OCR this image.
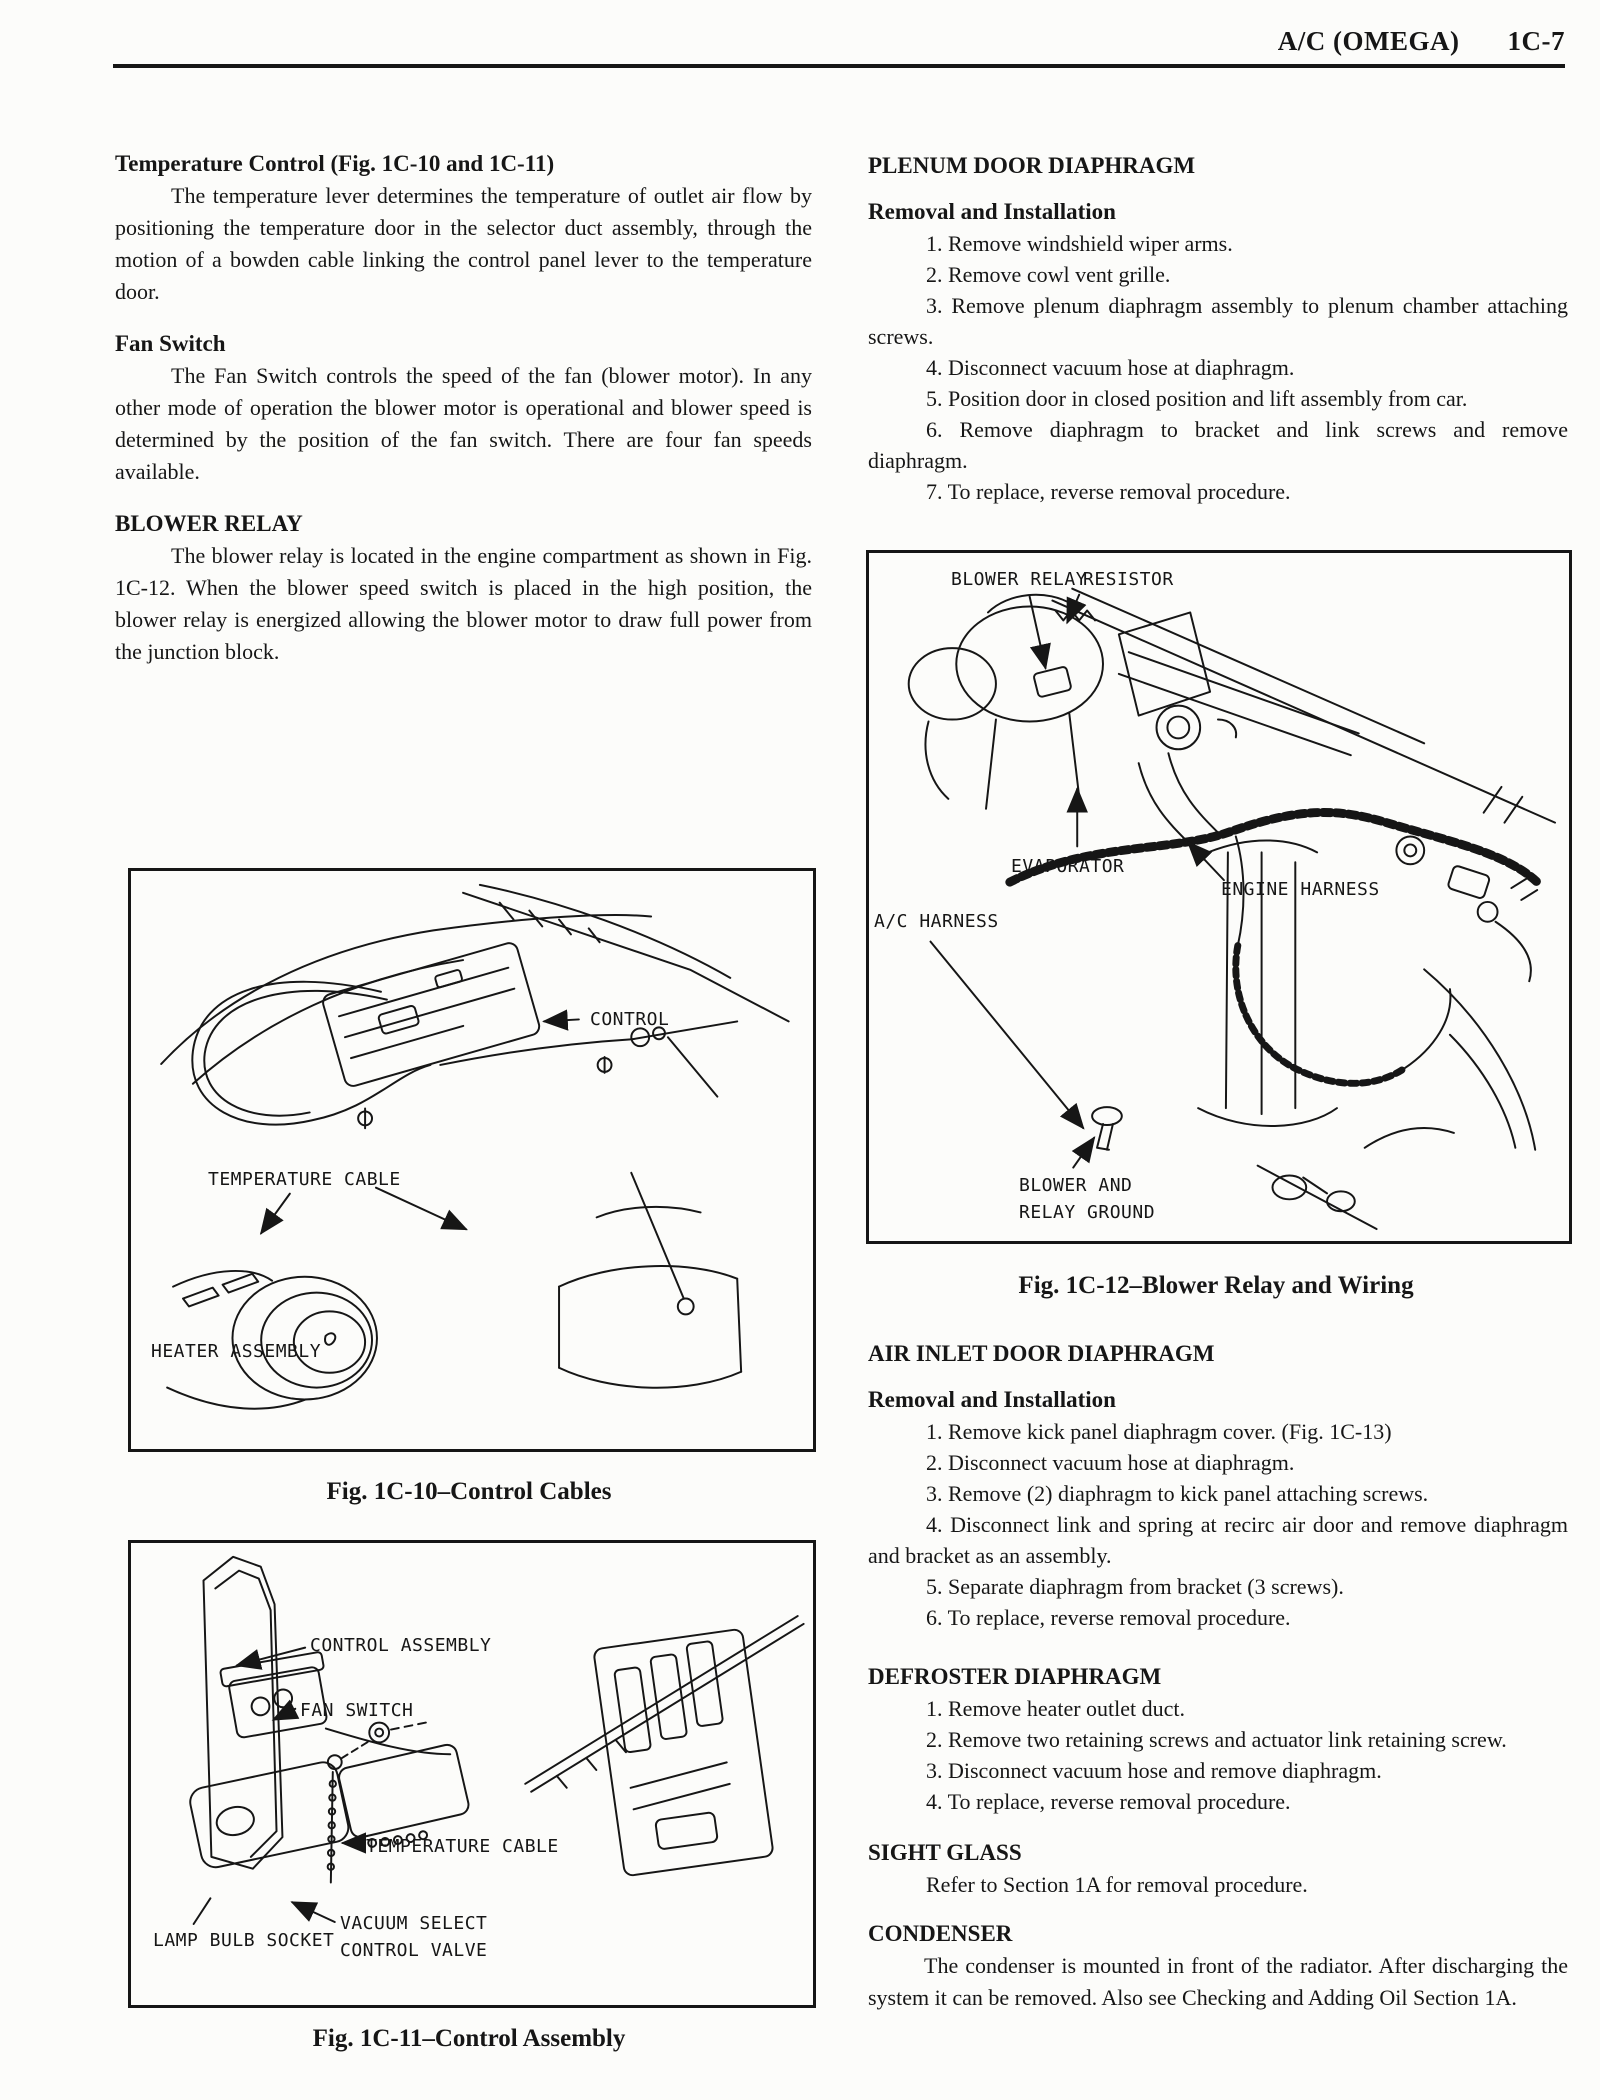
A/C (OMEGA) 1C-7
Temperature Control (Fig. 1C-10 and 1C-11)

The temperature lever determines the temperature of outlet air flow by positioning the temperature door in the selector duct assembly, through the motion of a bowden cable linking the control panel lever to the temperature door.

Fan Switch

The Fan Switch controls the speed of the fan (blower motor). In any other mode of operation the blower motor is operational and blower speed is determined by the position of the fan switch. There are four fan speeds available.

BLOWER RELAY

The blower relay is located in the engine compartment as shown in Fig. 1C-12. When the blower speed switch is placed in the high position, the blower relay is energized allowing the blower motor to draw full power from the junction block.

PLENUM DOOR DIAPHRAGM
Removal and Installation

1. Remove windshield wiper arms.

2. Remove cowl vent grille.

3. Remove plenum diaphragm assembly to plenum chamber attaching screws.

4. Disconnect vacuum hose at diaphragm.

5. Position door in closed position and lift assembly from car.

6. Remove diaphragm to bracket and link screws and remove diaphragm.

7. To replace, reverse removal procedure.

BLOWER RELAY
RESISTOR
EVAPORATOR
ENGINE HARNESS
A/C HARNESS
BLOWER AND
RELAY GROUND
Fig. 1C-12–Blower Relay and Wiring
CONTROL
TEMPERATURE CABLE
HEATER ASSEMBLY
Fig. 1C-10–Control Cables
CONTROL ASSEMBLY
FAN SWITCH
TEMPERATURE CABLE
VACUUM SELECT
CONTROL VALVE
LAMP BULB SOCKET
Fig. 1C-11–Control Assembly
AIR INLET DOOR DIAPHRAGM
Removal and Installation

1. Remove kick panel diaphragm cover. (Fig. 1C-13)

2. Disconnect vacuum hose at diaphragm.

3. Remove (2) diaphragm to kick panel attaching screws.

4. Disconnect link and spring at recirc air door and remove diaphragm and bracket as an assembly.

5. Separate diaphragm from bracket (3 screws).

6. To replace, reverse removal procedure.

DEFROSTER DIAPHRAGM

1. Remove heater outlet duct.

2. Remove two retaining screws and actuator link retaining screw.

3. Disconnect vacuum hose and remove diaphragm.

4. To replace, reverse removal procedure.

SIGHT GLASS

Refer to Section 1A for removal procedure.

CONDENSER

The condenser is mounted in front of the radiator. After discharging the system it can be removed. Also see Checking and Adding Oil Section 1A.
